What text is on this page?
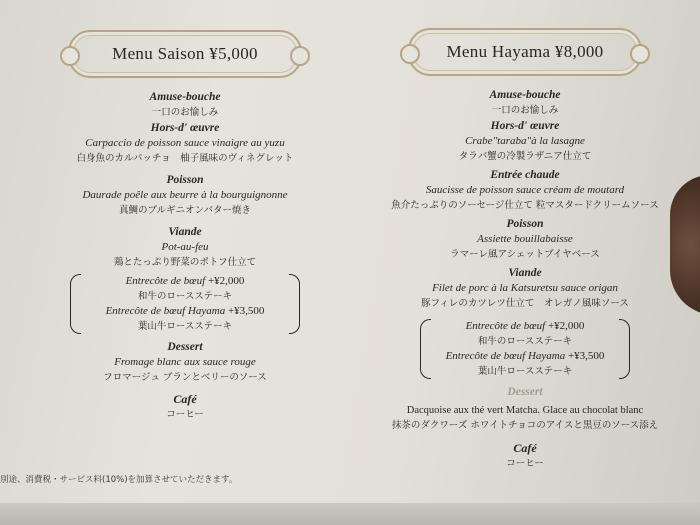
Menu Saison ¥5,000
Amuse-bouche
一口のお愉しみ
Hors-d' œuvre
Carpaccio de poisson sauce vinaigre au yuzu
白身魚のカルパッチョ　柚子風味のヴィネグレット
Poisson
Daurade poêle aux beurre à la bourguignonne
真鯛のブルギニオンバター焼き
Viande
Pot-au-feu
鶏とたっぷり野菜のポトフ仕立て
Entrecôte de bœuf +¥2,000
和牛のロースステーキ
Entrecôte de bœuf Hayama +¥3,500
葉山牛ロースステーキ
Dessert
Fromage blanc aux sauce rouge
フロマージュ ブランとベリーのソース
Café
コーヒー
Menu Hayama ¥8,000
Amuse-bouche
一口のお愉しみ
Hors-d' œuvre
Crabe"taraba"à la lasagne
タラバ蟹の冷製ラザニア仕立て
Entrée chaude
Saucisse de poisson sauce créam de moutard
魚介たっぷりのソーセージ仕立て 粒マスタードクリームソース
Poisson
Assiette bouillabaisse
ラマーレ風アシェットブイヤベース
Viande
Filet de porc à la Katsuretsu sauce origan
豚フィレのカツレツ仕立て　オレガノ風味ソース
Entrecôte de bœuf +¥2,000
和牛のロースステーキ
Entrecôte de bœuf Hayama +¥3,500
葉山牛ロースステーキ
Dessert
Dacquoise aux thé vert Matcha. Glace au chocolat blanc
抹茶のダクワーズ ホワイトチョコのアイスと黒豆のソース添え
Café
コーヒー
別途、消費税・サービス料(10%)を加算させていただきます。
